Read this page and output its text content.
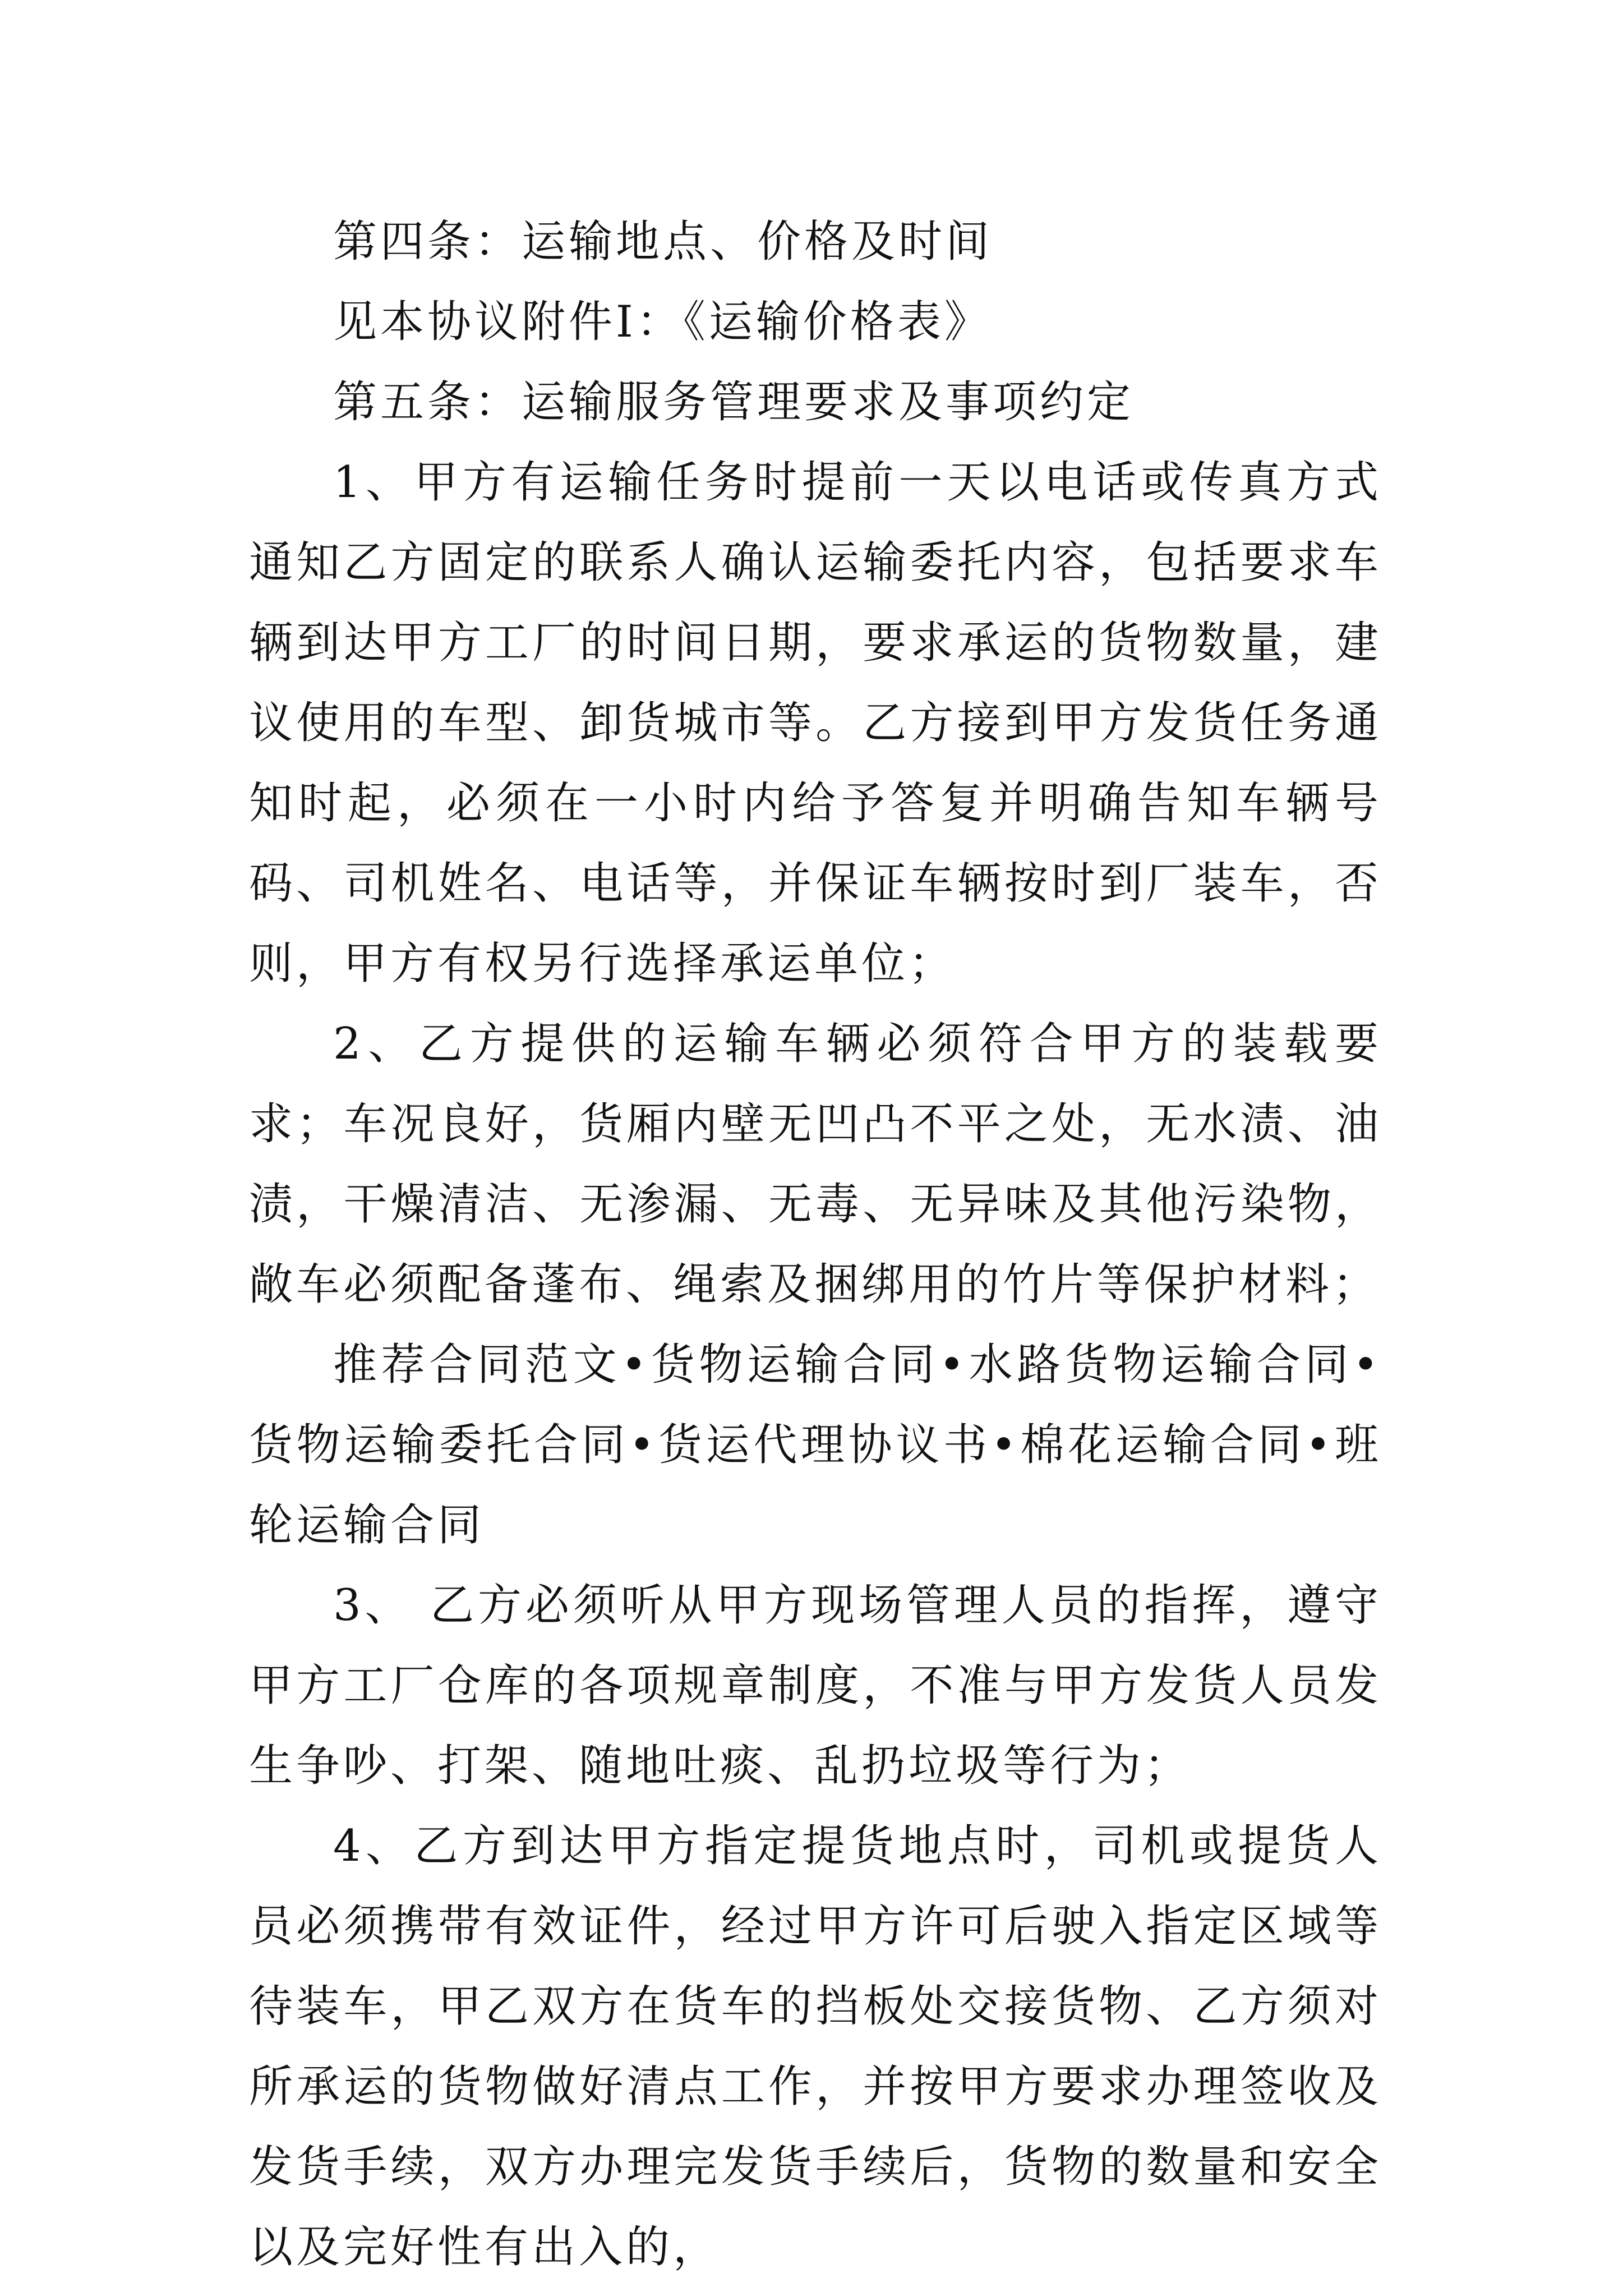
第四条：运输地点、价格及时间

见本协议附件I：《运输价格表》

第五条：运输服务管理要求及事项约定

1、甲方有运输任务时提前一天以电话或传真方式通知乙方固定的联系人确认运输委托内容，包括要求车辆到达甲方工厂的时间日期，要求承运的货物数量，建议使用的车型、卸货城市等。乙方接到甲方发货任务通知时起，必须在一小时内给予答复并明确告知车辆号码、司机姓名、电话等，并保证车辆按时到厂装车，否则，甲方有权另行选择承运单位；

2、乙方提供的运输车辆必须符合甲方的装载要求；车况良好，货厢内壁无凹凸不平之处，无水渍、油渍，干燥清洁、无渗漏、无毒、无异味及其他污染物，敞车必须配备蓬布、绳索及捆绑用的竹片等保护材料；

推荐合同范文•货物运输合同•水路货物运输合同•货物运输委托合同•货运代理协议书•棉花运输合同•班轮运输合同

3、 乙方必须听从甲方现场管理人员的指挥，遵守甲方工厂仓库的各项规章制度，不准与甲方发货人员发生争吵、打架、随地吐痰、乱扔垃圾等行为；

4、乙方到达甲方指定提货地点时，司机或提货人员必须携带有效证件，经过甲方许可后驶入指定区域等待装车，甲乙双方在货车的挡板处交接货物、乙方须对所承运的货物做好清点工作，并按甲方要求办理签收及发货手续，双方办理完发货手续后，货物的数量和安全以及完好性有出入的，
